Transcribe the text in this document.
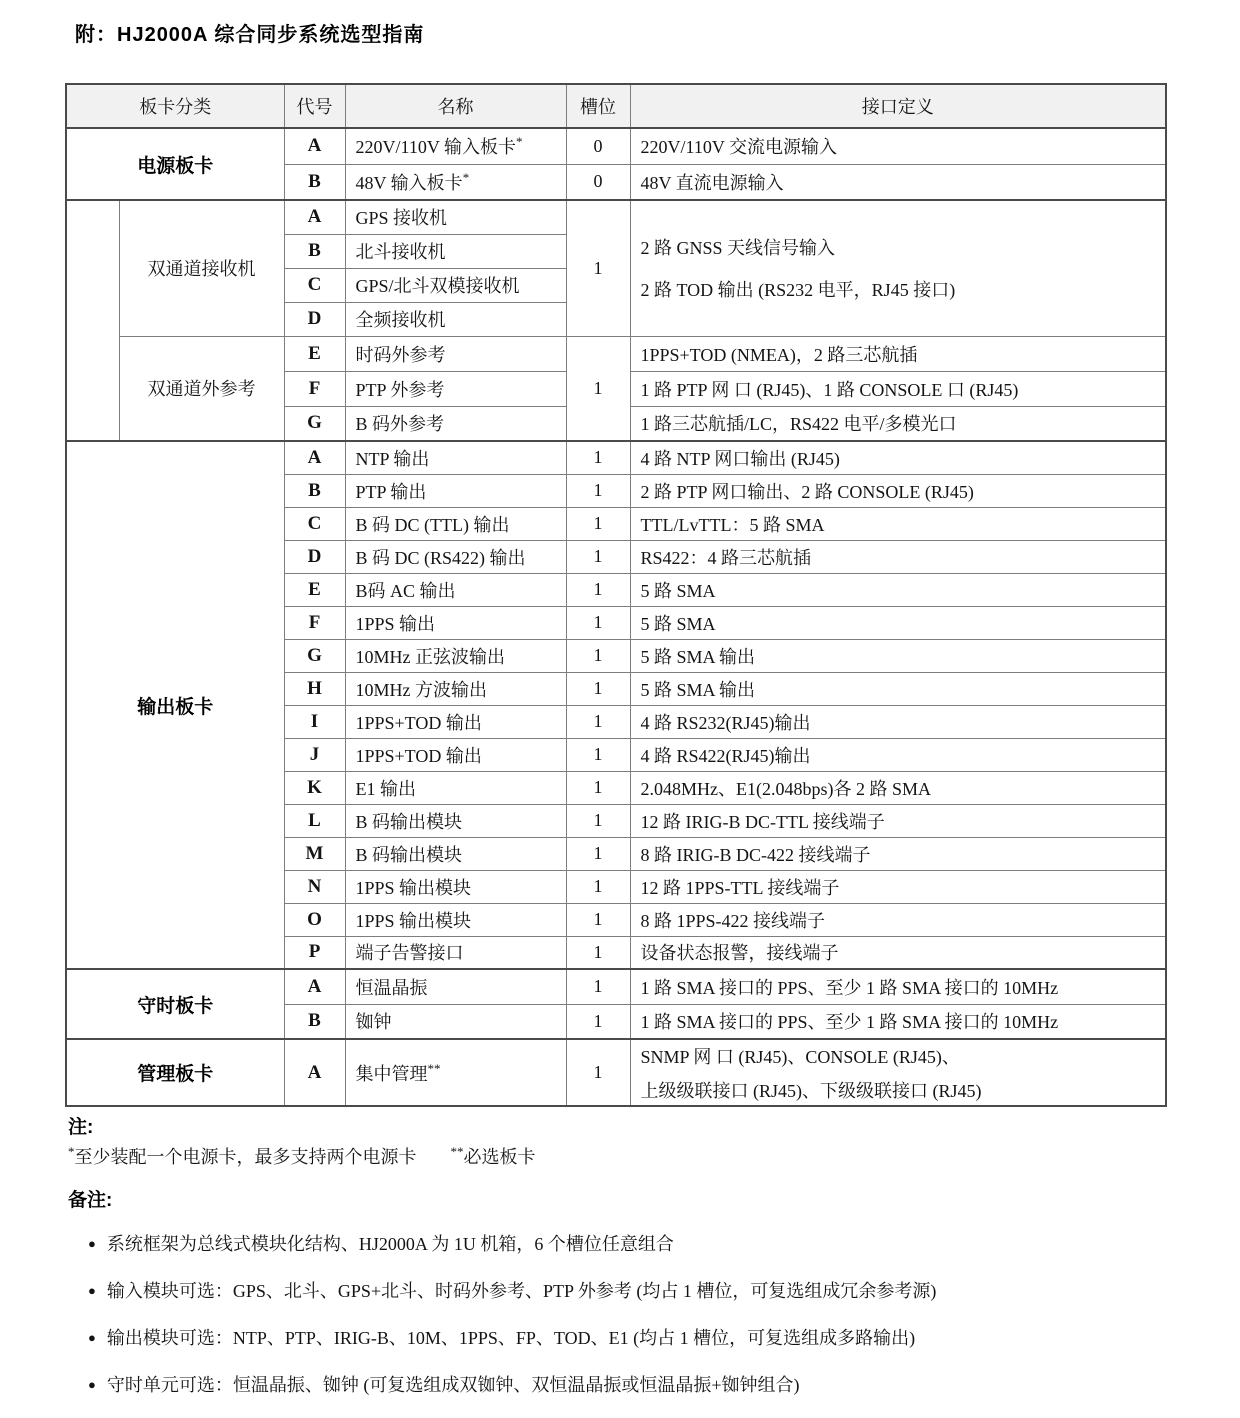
附：HJ2000A 综合同步系统选型指南
板卡分类		代号	名称	槽位	接口定义
电源板卡		A	220V/110V 输入板卡*	0	220V/110V 交流电源输入
		B	48V 输入板卡*	0	48V 直流电源输入
	双通道接收机	A	GPS 接收机	1	2 路 GNSS 天线信号输入
2 路 TOD 输出 (RS232 电平，RJ45 接口)

		B	北斗接收机		
		C	GPS/北斗双模接收机		
		D	全频接收机		
	双通道外参考	E	时码外参考	1	1PPS+TOD (NMEA)，2 路三芯航插
		F	PTP 外参考		1 路 PTP 网 口 (RJ45)、1 路 CONSOLE 口 (RJ45)
		G	B 码外参考		1 路三芯航插/LC，RS422 电平/多模光口
输出板卡		A	NTP 输出	1	4 路 NTP 网口输出 (RJ45)
		B	PTP 输出	1	2 路 PTP 网口输出、2 路 CONSOLE (RJ45)
		C	B 码 DC (TTL) 输出	1	TTL/LvTTL：5 路 SMA
		D	B 码 DC (RS422) 输出	1	RS422：4 路三芯航插
		E	B码 AC 输出	1	5 路 SMA
		F	1PPS 输出	1	5 路 SMA
		G	10MHz 正弦波输出	1	5 路 SMA 输出
		H	10MHz 方波输出	1	5 路 SMA 输出
		I	1PPS+TOD 输出	1	4 路 RS232(RJ45)输出
		J	1PPS+TOD 输出	1	4 路 RS422(RJ45)输出
		K	E1 输出	1	2.048MHz、E1(2.048bps)各 2 路 SMA
		L	B 码输出模块	1	12 路 IRIG-B DC-TTL 接线端子
		M	B 码输出模块	1	8 路 IRIG-B DC-422 接线端子
		N	1PPS 输出模块	1	12 路 1PPS-TTL 接线端子
		O	1PPS 输出模块	1	8 路 1PPS-422 接线端子
		P	端子告警接口	1	设备状态报警，接线端子
守时板卡		A	恒温晶振	1	1 路 SMA 接口的 PPS、至少 1 路 SMA 接口的 10MHz
		B	铷钟	1	1 路 SMA 接口的 PPS、至少 1 路 SMA 接口的 10MHz
管理板卡		A	集中管理**	1	SNMP 网 口 (RJ45)、CONSOLE (RJ45)、
上级级联接口 (RJ45)、下级级联接口 (RJ45)
注:
*至少装配一个电源卡，最多支持两个电源卡	**必选板卡
备注:
● 系统框架为总线式模块化结构、HJ2000A 为 1U 机箱，6 个槽位任意组合
● 输入模块可选：GPS、北斗、GPS+北斗、时码外参考、PTP 外参考 (均占 1 槽位，可复选组成冗余参考源)
● 输出模块可选：NTP、PTP、IRIG-B、10M、1PPS、FP、TOD、E1 (均占 1 槽位，可复选组成多路输出)
● 守时单元可选：恒温晶振、铷钟 (可复选组成双铷钟、双恒温晶振或恒温晶振+铷钟组合)
